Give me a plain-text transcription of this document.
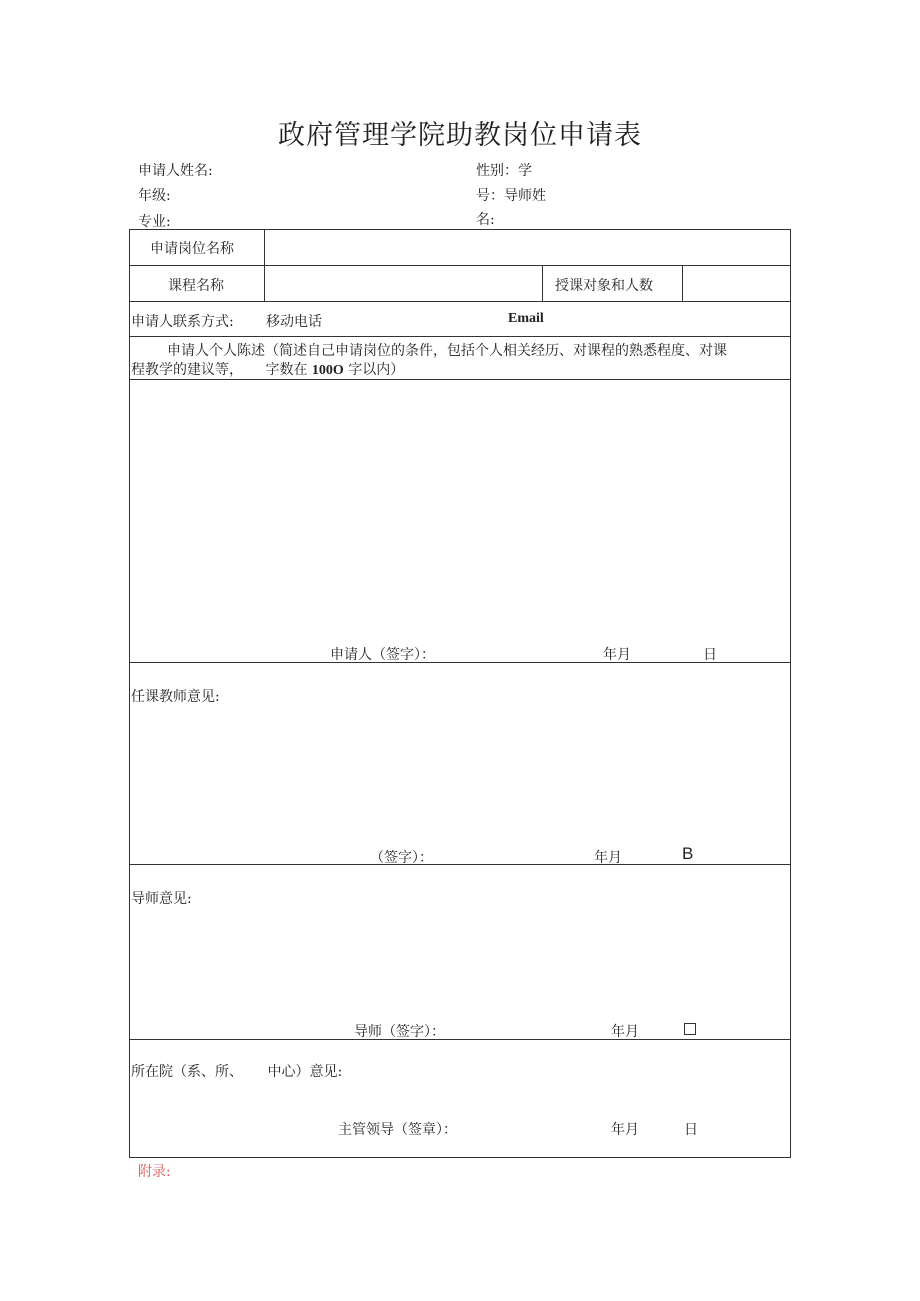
政府管理学院助教岗位申请表
申请人姓名:
年级:
专业:
性别：学
号：导师姓
名:
申请岗位名称
课程名称	授课对象和人数
申请人联系方式: 移动电话	Email
申请人个人陈述（简述自己申请岗位的条件，包括个人相关经历、对课程的熟悉程度、对课
程教学的建议等， 字数在 100O 字以内）
申请人（签字）：	年月	日
任课教师意见:
（签字）：	年月	B
导师意见:
导师（签字）：	年月
所在院（系、所、 中心）意见:
主管领导（签章）：	年月	日
附录:
